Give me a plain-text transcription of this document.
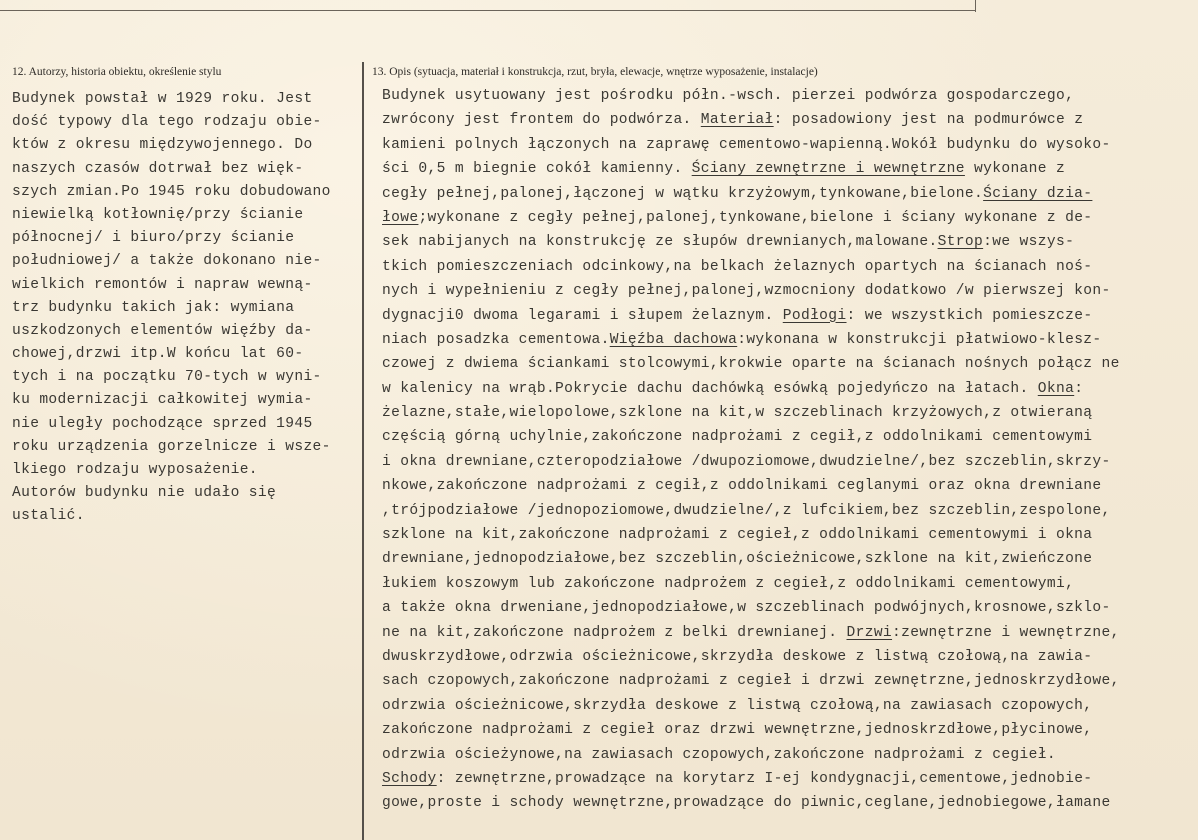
12. Autorzy, historia obiektu, określenie stylu	13. Opis (sytuacja, materiał i konstrukcja, rzut, bryła, elewacje, wnętrze wyposażenie, instalacje)
Budynek powstał w 1929 roku. Jest
dość typowy dla tego rodzaju obie-
któw z okresu międzywojennego. Do
naszych czasów dotrwał bez więk-
szych zmian.Po 1945 roku dobudowano
niewielką kotłownię/przy ścianie
północnej/ i biuro/przy ścianie
południowej/ a także dokonano nie-
wielkich remontów i napraw wewną-
trz budynku takich jak: wymiana
uszkodzonych elementów więźby da-
chowej,drzwi itp.W końcu lat 60-
tych i na początku 70-tych w wyni-
ku modernizacji całkowitej wymia-
nie uległy pochodzące sprzed 1945
roku urządzenia gorzelnicze i wsze-
lkiego rodzaju wyposażenie.
Autorów budynku nie udało się
ustalić.
Budynek usytuowany jest pośrodku półn.-wsch. pierzei podwórza gospodarczego,
zwrócony jest frontem do podwórza. Materiał: posadowiony jest na podmurówce z
kamieni polnych łączonych na zaprawę cementowo-wapienną.Wokół budynku do wysoko-
ści 0,5 m biegnie cokół kamienny. Ściany zewnętrzne i wewnętrzne wykonane z
cegły pełnej,palonej,łączonej w wątku krzyżowym,tynkowane,bielone.Ściany dzia-
łowe;wykonane z cegły pełnej,palonej,tynkowane,bielone i ściany wykonane z de-
sek nabijanych na konstrukcję ze słupów drewnianych,malowane.Strop:we wszys-
tkich pomieszczeniach odcinkowy,na belkach żelaznych opartych na ścianach noś-
nych i wypełnieniu z cegły pełnej,palonej,wzmocniony dodatkowo /w pierwszej kon-
dygnacji0 dwoma legarami i słupem żelaznym. Podłogi: we wszystkich pomieszcze-
niach posadzka cementowa.Więźba dachowa:wykonana w konstrukcji płatwiowo-klesz-
czowej z dwiema ściankami stolcowymi,krokwie oparte na ścianach nośnych połącz ne
w kalenicy na wrąb.Pokrycie dachu dachówką esówką pojedyńczo na łatach. Okna:
żelazne,stałe,wielopolowe,szklone na kit,w szczeblinach krzyżowych,z otwieraną
częścią górną uchylnie,zakończone nadprożami z cegił,z oddolnikami cementowymi
i okna drewniane,czteropodziałowe /dwupoziomowe,dwudzielne/,bez szczeblin,skrzy-
nkowe,zakończone nadprożami z cegił,z oddolnikami ceglanymi oraz okna drewniane
,trójpodziałowe /jednopoziomowe,dwudzielne/,z lufcikiem,bez szczeblin,zespolone,
szklone na kit,zakończone nadprożami z cegieł,z oddolnikami cementowymi i okna
drewniane,jednopodziałowe,bez szczeblin,ościeżnicowe,szklone na kit,zwieńczone
łukiem koszowym lub zakończone nadprożem z cegieł,z oddolnikami cementowymi,
a także okna drweniane,jednopodziałowe,w szczeblinach podwójnych,krosnowe,szklo-
ne na kit,zakończone nadprożem z belki drewnianej. Drzwi:zewnętrzne i wewnętrzne,
dwuskrzydłowe,odrzwia ościeżnicowe,skrzydła deskowe z listwą czołową,na zawia-
sach czopowych,zakończone nadprożami z cegieł i drzwi zewnętrzne,jednoskrzydłowe,
odrzwia ościeżnicowe,skrzydła deskowe z listwą czołową,na zawiasach czopowych,
zakończone nadprożami z cegieł oraz drzwi wewnętrzne,jednoskrzdłowe,płycinowe,
odrzwia ościeżynowe,na zawiasach czopowych,zakończone nadprożami z cegieł.
Schody: zewnętrzne,prowadzące na korytarz I-ej kondygnacji,cementowe,jednobie-
gowe,proste i schody wewnętrzne,prowadzące do piwnic,ceglane,jednobiegowe,łamane
